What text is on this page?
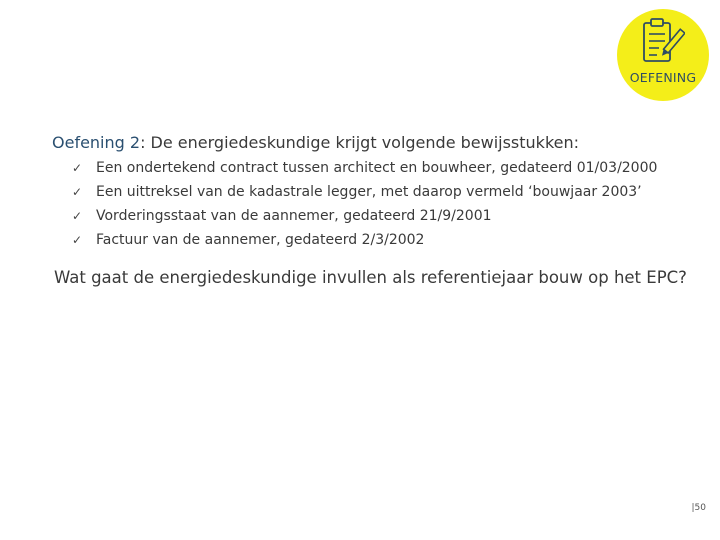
OEFENING
Oefening 2: De energiedeskundige krijgt volgende bewijsstukken:
✓ Een ondertekend contract tussen architect en bouwheer, gedateerd 01/03/2000
✓ Een uittreksel van de kadastrale legger, met daarop vermeld ‘bouwjaar 2003’
✓ Vorderingsstaat van de aannemer, gedateerd 21/9/2001
✓ Factuur van de aannemer, gedateerd 2/3/2002
Wat gaat de energiedeskundige invullen als referentiejaar bouw op het EPC?
|50
